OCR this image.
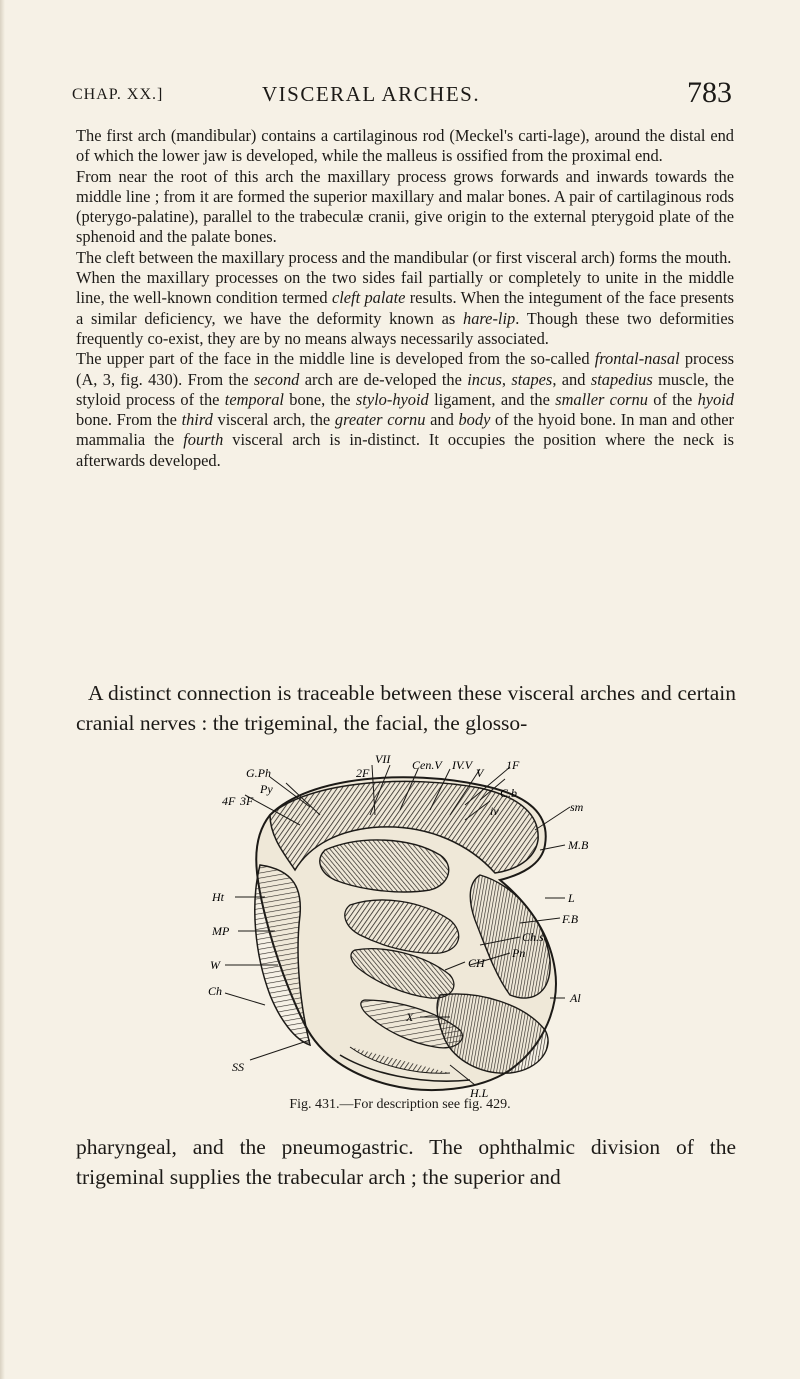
CHAP. XX.]	VISCERAL ARCHES.	783

The first arch (mandibular) contains a cartilaginous rod (Meckel's carti-lage), around the distal end of which the lower jaw is developed, while the malleus is ossified from the proximal end.

From near the root of this arch the maxillary process grows forwards and inwards towards the middle line ; from it are formed the superior maxillary and malar bones. A pair of cartilaginous rods (pterygo-palatine), parallel to the trabeculæ cranii, give origin to the external pterygoid plate of the sphenoid and the palate bones.

The cleft between the maxillary process and the mandibular (or first visceral arch) forms the mouth.

When the maxillary processes on the two sides fail partially or completely to unite in the middle line, the well-known condition termed cleft palate results. When the integument of the face presents a similar deficiency, we have the deformity known as hare-lip. Though these two deformities frequently co-exist, they are by no means always necessarily associated.

The upper part of the face in the middle line is developed from the so-called frontal-nasal process (A, 3, fig. 430). From the second arch are de-veloped the incus, stapes, and stapedius muscle, the styloid process of the temporal bone, the stylo-hyoid ligament, and the smaller cornu of the hyoid bone. From the third visceral arch, the greater cornu and body of the hyoid bone. In man and other mammalia the fourth visceral arch is in-distinct. It occupies the position where the neck is afterwards developed.

A distinct connection is traceable between these visceral arches and certain cranial nerves : the trigeminal, the facial, the glosso-

VII
G.Ph	2F
Cen.V IV.V
V
1F
Py	C.b
4F 3F
iv	sm
M.B
Ht	L
F.B
MP	Ch.s
Pn
W	CH
Ch
X
Al
SS
H.L
Fig. 431.—For description see fig. 429.

pharyngeal, and the pneumogastric. The ophthalmic division of the trigeminal supplies the trabecular arch ; the superior and
